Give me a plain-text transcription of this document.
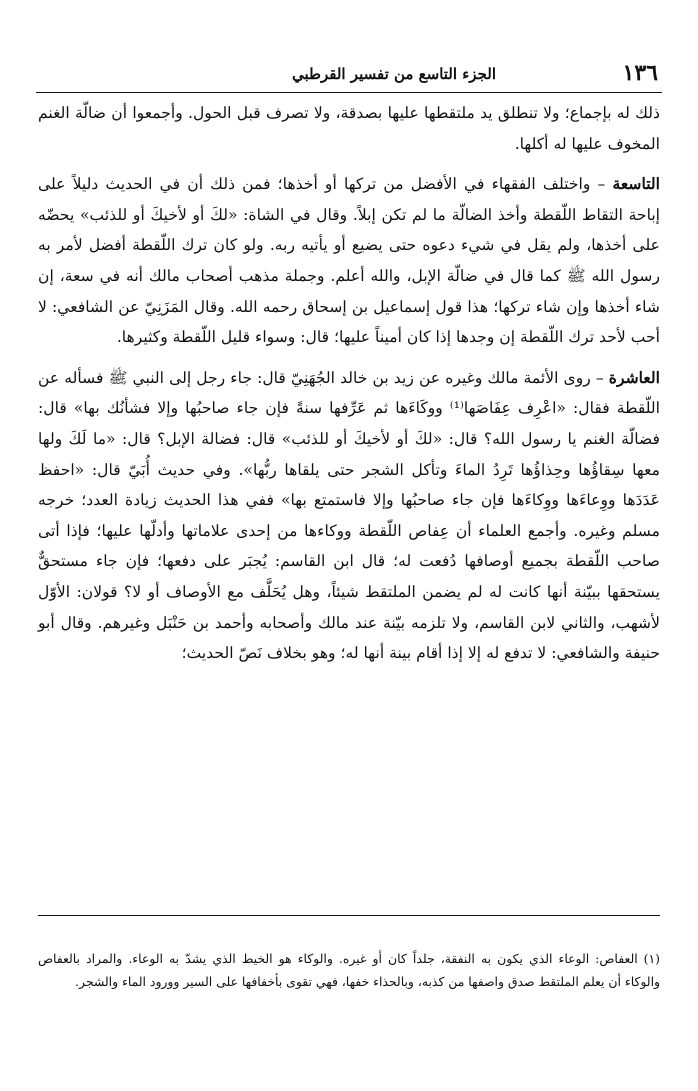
١٣٦
الجزء التاسع من تفسير القرطبي

ذلك له بإجماع؛ ولا تنطلق يد ملتقطها عليها بصدقة، ولا تصرف قبل الحول. وأجمعوا أن ضالّة الغنم المخوف عليها له أكلها.

التاسعة – واختلف الفقهاء في الأفضل من تركها أو أخذها؛ فمن ذلك أن في الحديث دليلاً على إباحة التقاط اللّقطة وأخذ الضالّة ما لم تكن إبلاً. وقال في الشاة: «لكَ أو لأخيكَ أو للذئب» يحضّه على أخذها، ولم يقل في شيء دعوه حتى يضيع أو يأتيه ربه. ولو كان ترك اللّقطة أفضل لأمر به رسول الله ﷺ كما قال في ضالّة الإبل، والله أعلم. وجملة مذهب أصحاب مالك أنه في سعة، إن شاء أخذها وإن شاء تركها؛ هذا قول إسماعيل بن إسحاق رحمه الله. وقال المَزَنِيّ عن الشافعي: لا أحب لأحد ترك اللّقطة إن وجدها إذا كان أميناً عليها؛ قال: وسواء قليل اللّقطة وكثيرها.

العاشرة – روى الأئمة مالك وغيره عن زيد بن خالد الجُهَنِيّ قال: جاء رجل إلى النبي ﷺ فسأله عن اللّقطة فقال: «اعْرِف عِفَاصَها⁽¹⁾ ووكَاءَها ثم عَرِّفها سنةً فإن جاء صاحبُها وإلا فشأنُك بها» قال: فضالّة الغنم يا رسول الله؟ قال: «لكَ أو لأخيكَ أو للذئب» قال: فضالة الإبل؟ قال: «ما لَكَ ولها معها سِقاؤُها وحِذاؤُها تَرِدُ الماءَ وتأكل الشجر حتى يلقاها ربُّها». وفي حديث أُبَيّ قال: «احفظ عَدَدَها ووِعاءَها ووِكاءَها فإن جاء صاحبُها وإلا فاستمتع بها» ففي هذا الحديث زيادة العدد؛ خرجه مسلم وغيره. وأجمع العلماء أن عِفاص اللّقطة ووكاءها من إحدى علاماتها وأدلّها عليها؛ فإذا أتى صاحب اللّقطة بجميع أوصافها دُفعت له؛ قال ابن القاسم: يُجبَر على دفعها؛ فإن جاء مستحقٌّ يستحقها ببيّنة أنها كانت له لم يضمن الملتقط شيئاً، وهل يُحَلَّف مع الأوصاف أو لا؟ قولان: الأوّل لأشهب، والثاني لابن القاسم، ولا تلزمه بيّنة عند مالك وأصحابه وأحمد بن حَنْبَل وغيرهم. وقال أبو حنيفة والشافعي: لا تدفع له إلا إذا أقام بينة أنها له؛ وهو بخلاف نَصّ الحديث؛

(١)العفاص: الوعاء الذي يكون به النفقة، جلداً كان أو غيره. والوكاء هو الخيط الذي يشدّ به الوعاء. والمراد بالعفاص والوكاء أن يعلم الملتقط صدق واصفها من كذبه، وبالحذاء خفها، فهي تقوى بأخفافها على السير وورود الماء والشجر.
